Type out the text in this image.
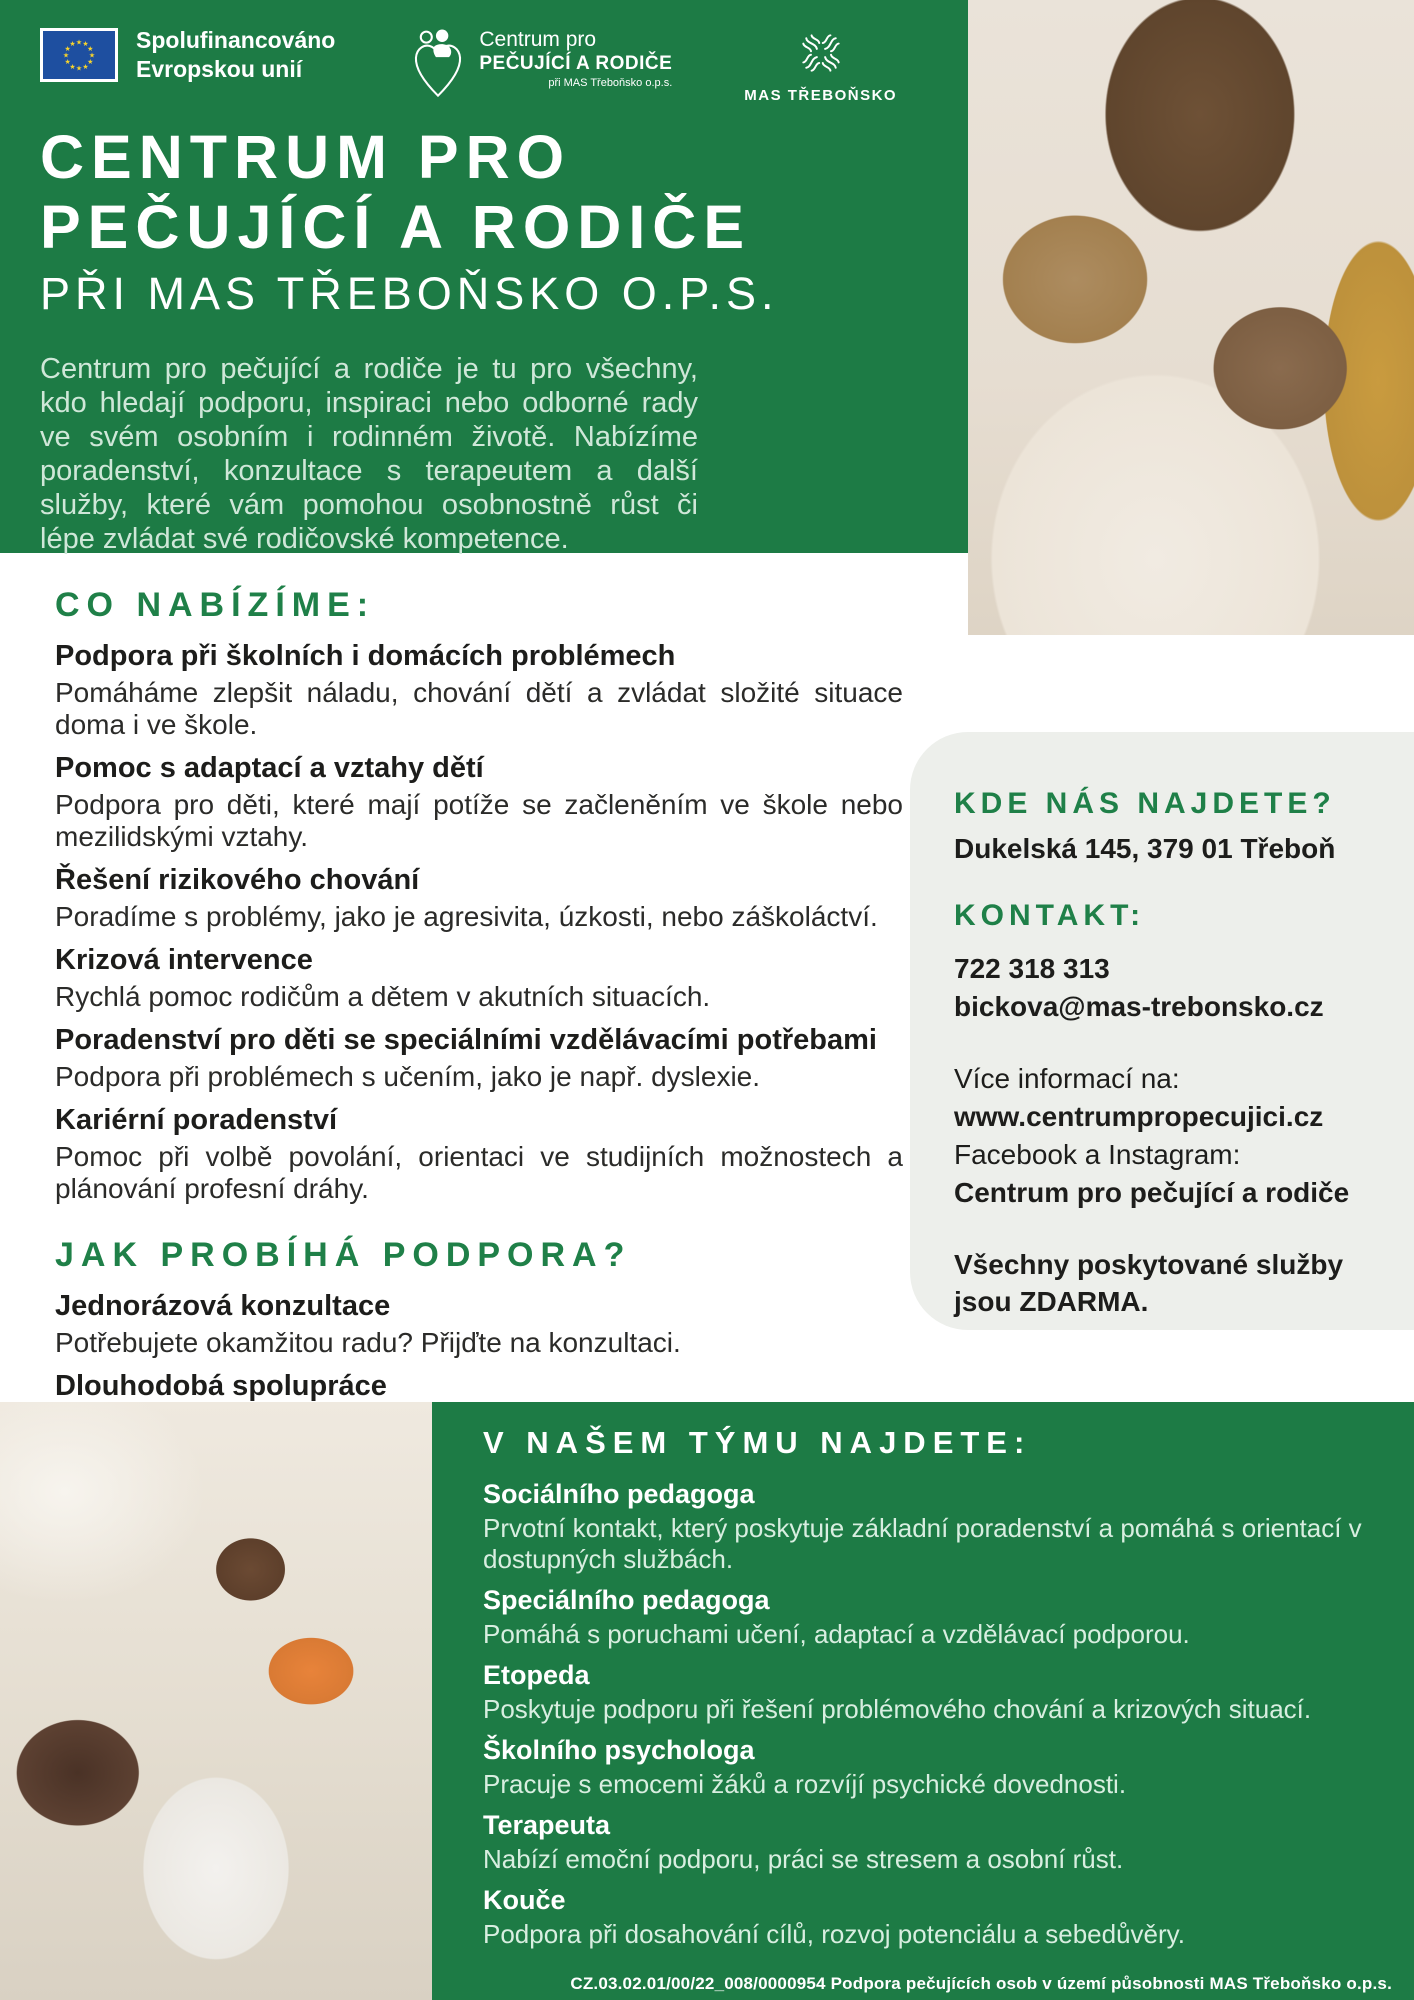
★ ★
★
★
★
★
★
★
★
★
★
★	Spolufinancováno
Evropskou unií
Centrum pro
PEČUJÍCÍ A RODIČE
při MAS Třeboňsko o.p.s.
MAS TŘEBOŇSKO
CENTRUM PRO
PEČUJÍCÍ A RODIČE
PŘI MAS TŘEBOŇSKO O.P.S.
Centrum pro pečující a rodiče je tu pro všechny, kdo hledají podporu, inspiraci nebo odborné rady ve svém osobním i rodinném životě. Nabízíme poradenství, konzultace s terapeutem a další služby, které vám pomohou osobnostně růst či lépe zvládat své rodičovské kompetence.
CO NABÍZÍME:
Podpora při školních i domácích problémech
Pomáháme zlepšit náladu, chování dětí a zvládat složité situace doma i ve škole.
Pomoc s adaptací a vztahy dětí
Podpora pro děti, které mají potíže se začleněním ve škole nebo mezilidskými vztahy.
Řešení rizikového chování
Poradíme s problémy, jako je agresivita, úzkosti, nebo záškoláctví.
Krizová intervence
Rychlá pomoc rodičům a dětem v akutních situacích.
Poradenství pro děti se speciálními vzdělávacími potřebami
Podpora při problémech s učením, jako je např. dyslexie.
Kariérní poradenství
Pomoc při volbě povolání, orientaci ve studijních možnostech a plánování profesní dráhy.
JAK PROBÍHÁ PODPORA?
Jednorázová konzultace
Potřebujete okamžitou radu? Přijďte na konzultaci.
Dlouhodobá spolupráce
KDE NÁS NAJDETE?
Dukelská 145, 379 01 Třeboň
KONTAKT:
722 318 313
bickova@mas-trebonsko.cz
Více informací na:
www.centrumpropecujici.cz
Facebook a Instagram:
Centrum pro pečující a rodiče
Všechny poskytované služby jsou ZDARMA.
V NAŠEM TÝMU NAJDETE:
Sociálního pedagoga
Prvotní kontakt, který poskytuje základní poradenství a pomáhá s orientací v dostupných službách.
Speciálního pedagoga
Pomáhá s poruchami učení, adaptací a vzdělávací podporou.
Etopeda
Poskytuje podporu při řešení problémového chování a krizových situací.
Školního psychologa
Pracuje s emocemi žáků a rozvíjí psychické dovednosti.
Terapeuta
Nabízí emoční podporu, práci se stresem a osobní růst.
Kouče
Podpora při dosahování cílů, rozvoj potenciálu a sebedůvěry.
CZ.03.02.01/00/22_008/0000954 Podpora pečujících osob v území působnosti MAS Třeboňsko o.p.s.
